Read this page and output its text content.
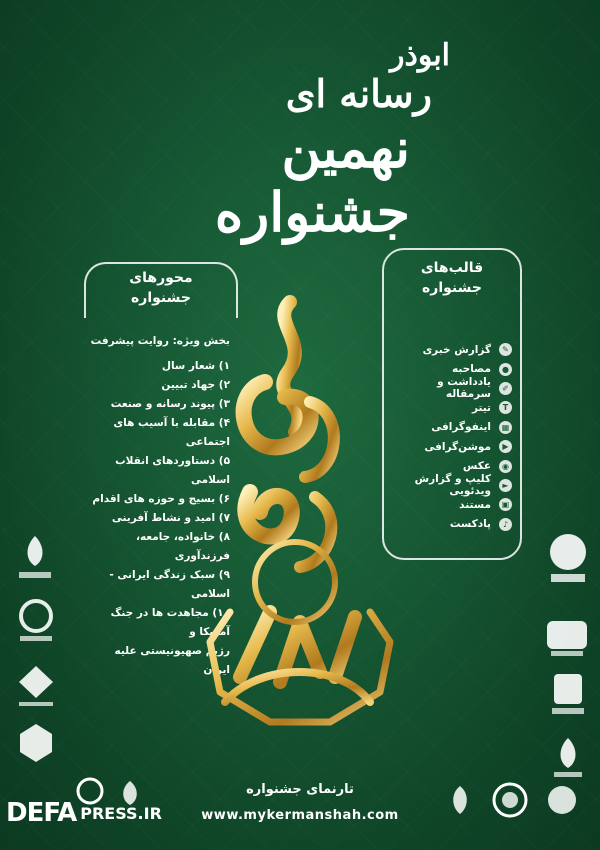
ابوذر
رسانه ای
نهمین جشنواره
محورهای
جشنواره
بخش ویژه: روایت پیشرفت
۱) شعار سال
۲) جهاد تبیین
۳) پیوند رسانه و صنعت
۴) مقابله با آسیب های اجتماعی
۵) دستاوردهای انقلاب اسلامی
۶) بسیج و حوزه های اقدام
۷) امید و نشاط آفرینی
۸) خانواده، جامعه، فرزندآوری
۹) سبک زندگی ایرانی - اسلامی
۱۰) مجاهدت ها در جنگ آمریکا و
رژیم صهیونیستی علیه ایران
قالب‌های
جشنواره
✎
گزارش خبری
●
مصاحبه
✐
یادداشت و سرمقاله
T
تیتر
▦
اینفوگرافی
▶
موشن‌گرافی
◉
عکس
►
کلیپ و گزارش ویدئویی
▣
مستند
♪
پادکست
تارنمای جشنواره
www.mykermanshah.com
DEFA PRESS.IR
